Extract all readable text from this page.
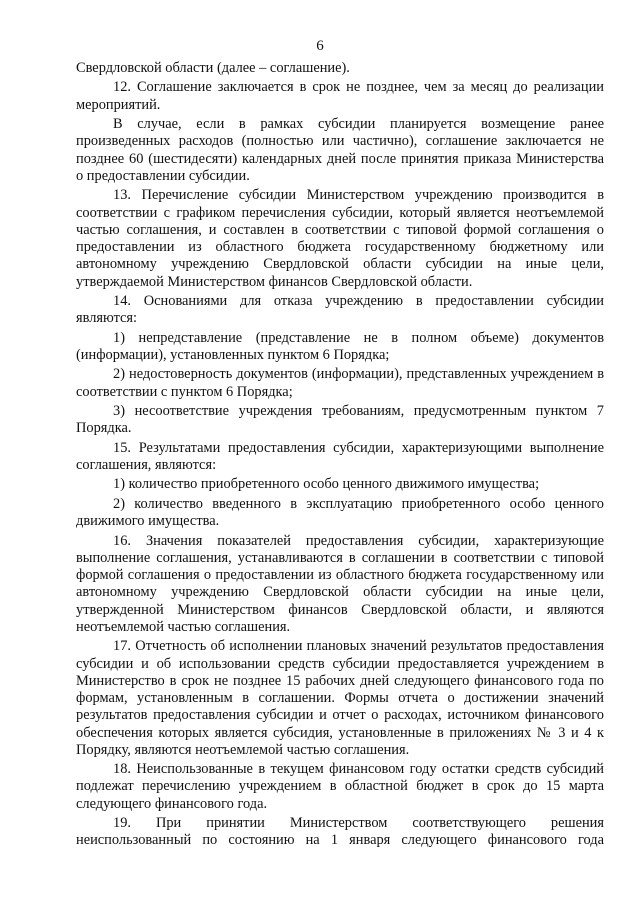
6

Свердловской области (далее – соглашение).

12. Соглашение заключается в срок не позднее, чем за месяц до реализации мероприятий.

В случае, если в рамках субсидии планируется возмещение ранее произведенных расходов (полностью или частично), соглашение заключается не позднее 60 (шестидесяти) календарных дней после принятия приказа Министерства о предоставлении субсидии.

13. Перечисление субсидии Министерством учреждению производится в соответствии с графиком перечисления субсидии, который является неотъемлемой частью соглашения, и составлен в соответствии с типовой формой соглашения о предоставлении из областного бюджета государственному бюджетному или автономному учреждению Свердловской области субсидии на иные цели, утверждаемой Министерством финансов Свердловской области.

14. Основаниями для отказа учреждению в предоставлении субсидии являются:

1) непредставление (представление не в полном объеме) документов (информации), установленных пунктом 6 Порядка;

2) недостоверность документов (информации), представленных учреждением в соответствии с пунктом 6 Порядка;

3) несоответствие учреждения требованиям, предусмотренным пунктом 7 Порядка.

15. Результатами предоставления субсидии, характеризующими выполнение соглашения, являются:

1) количество приобретенного особо ценного движимого имущества;

2) количество введенного в эксплуатацию приобретенного особо ценного движимого имущества.

16. Значения показателей предоставления субсидии, характеризующие выполнение соглашения, устанавливаются в соглашении в соответствии с типовой формой соглашения о предоставлении из областного бюджета государственному или автономному учреждению Свердловской области субсидии на иные цели, утвержденной Министерством финансов Свердловской области, и являются неотъемлемой частью соглашения.

17. Отчетность об исполнении плановых значений результатов предоставления субсидии и об использовании средств субсидии предоставляется учреждением в Министерство в срок не позднее 15 рабочих дней следующего финансового года по формам, установленным в соглашении. Формы отчета о достижении значений результатов предоставления субсидии и отчет о расходах, источником финансового обеспечения которых является субсидия, установленные в приложениях № 3 и 4 к Порядку, являются неотъемлемой частью соглашения.

18. Неиспользованные в текущем финансовом году остатки средств субсидий подлежат перечислению учреждением в областной бюджет в срок до 15 марта следующего финансового года.

19. При принятии Министерством соответствующего решения неиспользованный по состоянию на 1 января следующего финансового года
